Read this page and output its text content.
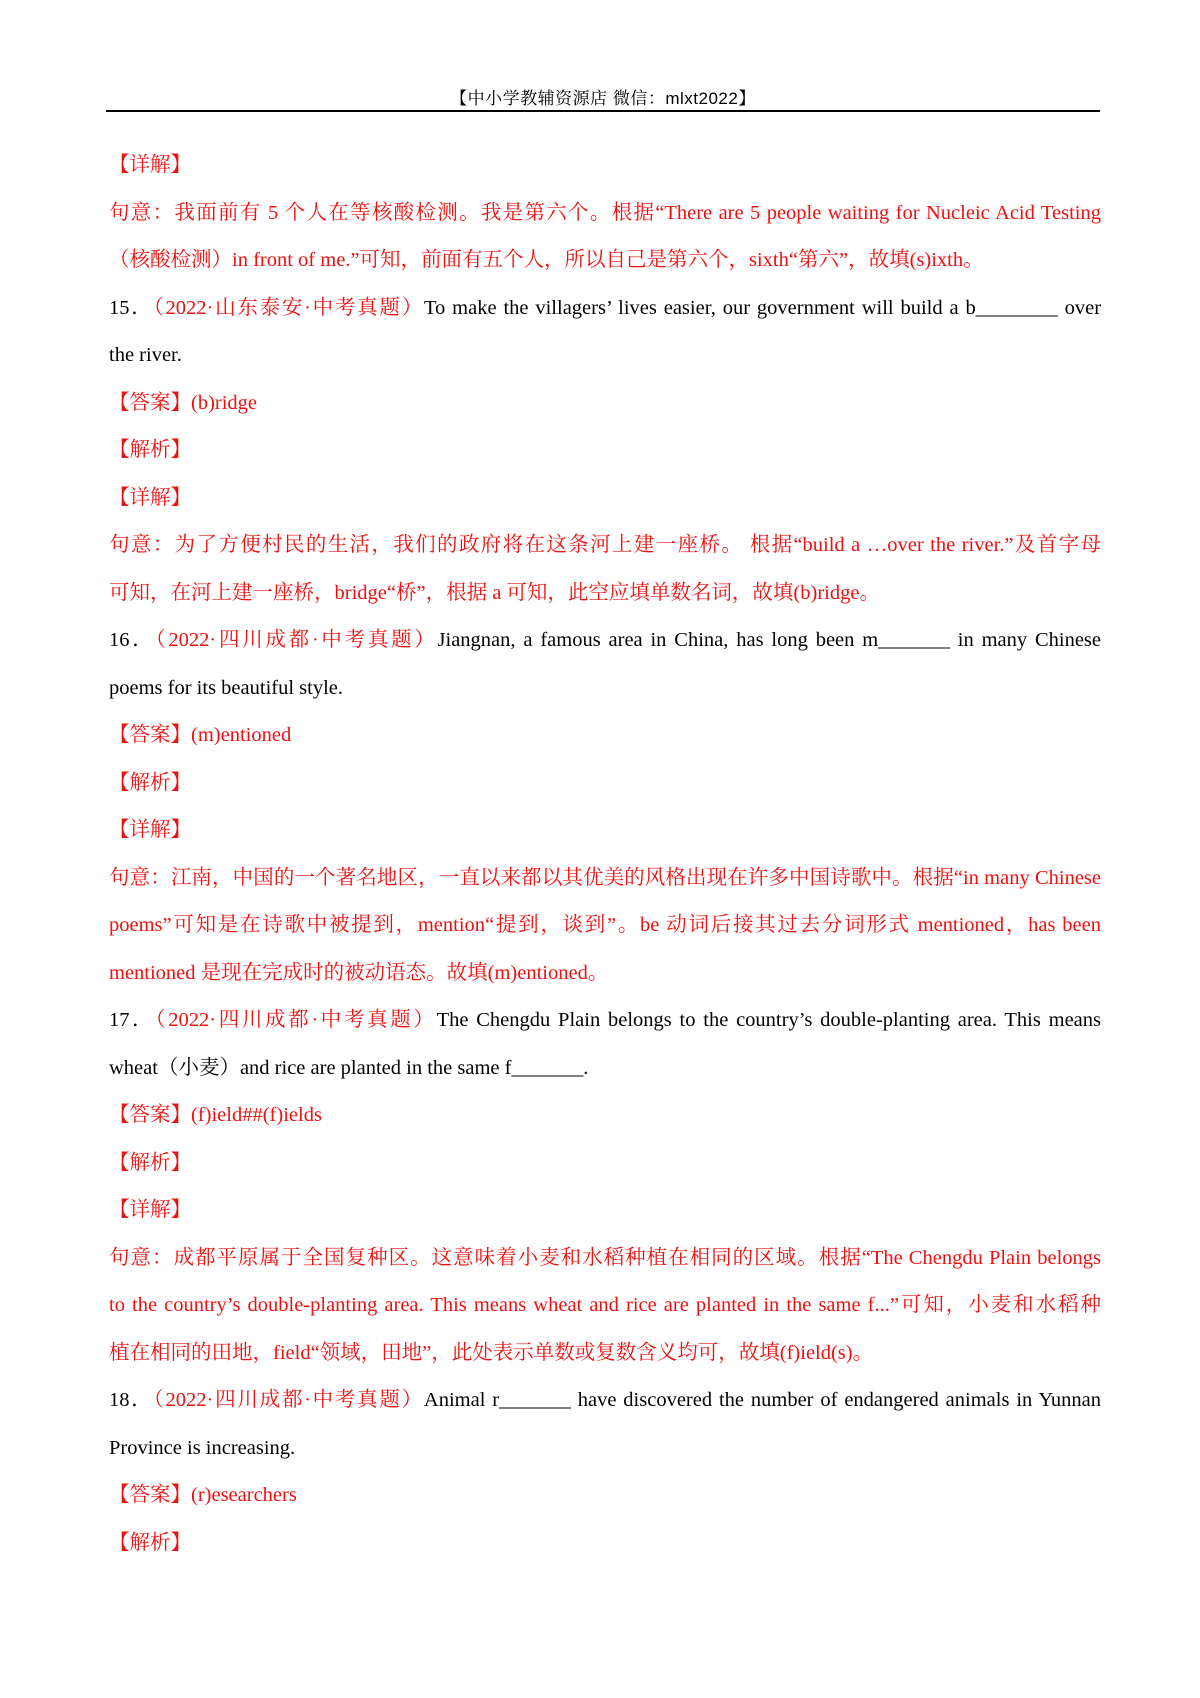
【中小学教辅资源店 微信：mlxt2022】
【详解】
句意：我面前有 5 个人在等核酸检测。我是第六个。根据“There are 5 people waiting for Nucleic Acid Testing
（核酸检测）in front of me.”可知，前面有五个人，所以自己是第六个，sixth“第六”，故填(s)ixth。
15．（2022·山东泰安·中考真题）To make the villagers’ lives easier, our government will build a b________ over
the river.
【答案】(b)ridge
【解析】
【详解】
句意：为了方便村民的生活，我们的政府将在这条河上建一座桥。 根据“build a …over the river.”及首字母
可知，在河上建一座桥，bridge“桥”，根据 a 可知，此空应填单数名词，故填(b)ridge。
16．（2022·四川成都·中考真题）Jiangnan, a famous area in China, has long been m_______ in many Chinese
poems for its beautiful style.
【答案】(m)entioned
【解析】
【详解】
句意：江南，中国的一个著名地区，一直以来都以其优美的风格出现在许多中国诗歌中。根据“in many Chinese
poems”可知是在诗歌中被提到，mention“提到，谈到”。be 动词后接其过去分词形式 mentioned，has been
mentioned 是现在完成时的被动语态。故填(m)entioned。
17．（2022·四川成都·中考真题）The Chengdu Plain belongs to the country’s double-planting area. This means
wheat（小麦）and rice are planted in the same f_______.
【答案】(f)ield##(f)ields
【解析】
【详解】
句意：成都平原属于全国复种区。这意味着小麦和水稻种植在相同的区域。根据“The Chengdu Plain belongs
to the country’s double-planting area. This means wheat and rice are planted in the same f...”可知，小麦和水稻种
植在相同的田地，field“领域，田地”，此处表示单数或复数含义均可，故填(f)ield(s)。
18．（2022·四川成都·中考真题）Animal r_______ have discovered the number of endangered animals in Yunnan
Province is increasing.
【答案】(r)esearchers
【解析】
